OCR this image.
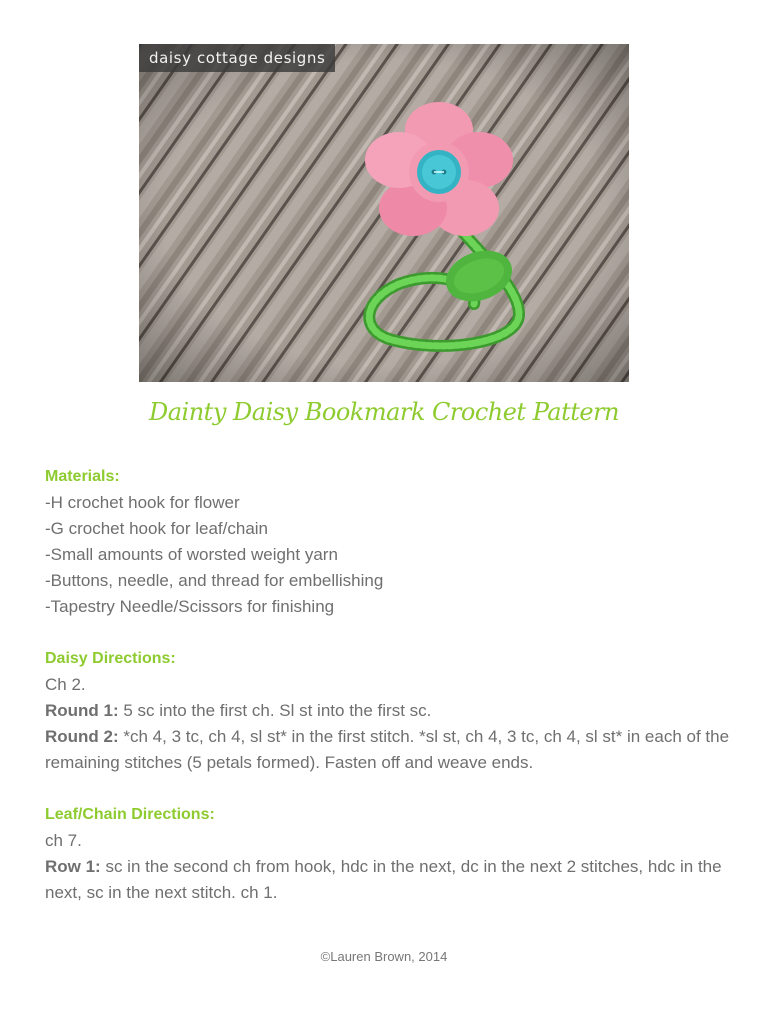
daisy cottage designs
Dainty Daisy Bookmark Crochet Pattern

Materials:

-H crochet hook for flower

-G crochet hook for leaf/chain

-Small amounts of worsted weight yarn

-Buttons, needle, and thread for embellishing

-Tapestry Needle/Scissors for finishing

Daisy Directions:

Ch 2.

Round 1: 5 sc into the first ch. Sl st into the first sc.

Round 2: *ch 4, 3 tc, ch 4, sl st* in the first stitch. *sl st, ch 4, 3 tc, ch 4, sl st* in each of the remaining stitches (5 petals formed). Fasten off and weave ends.

Leaf/Chain Directions:

ch 7.

Row 1: sc in the second ch from hook, hdc in the next, dc in the next 2 stitches, hdc in the next, sc in the next stitch. ch 1.

©Lauren Brown, 2014
